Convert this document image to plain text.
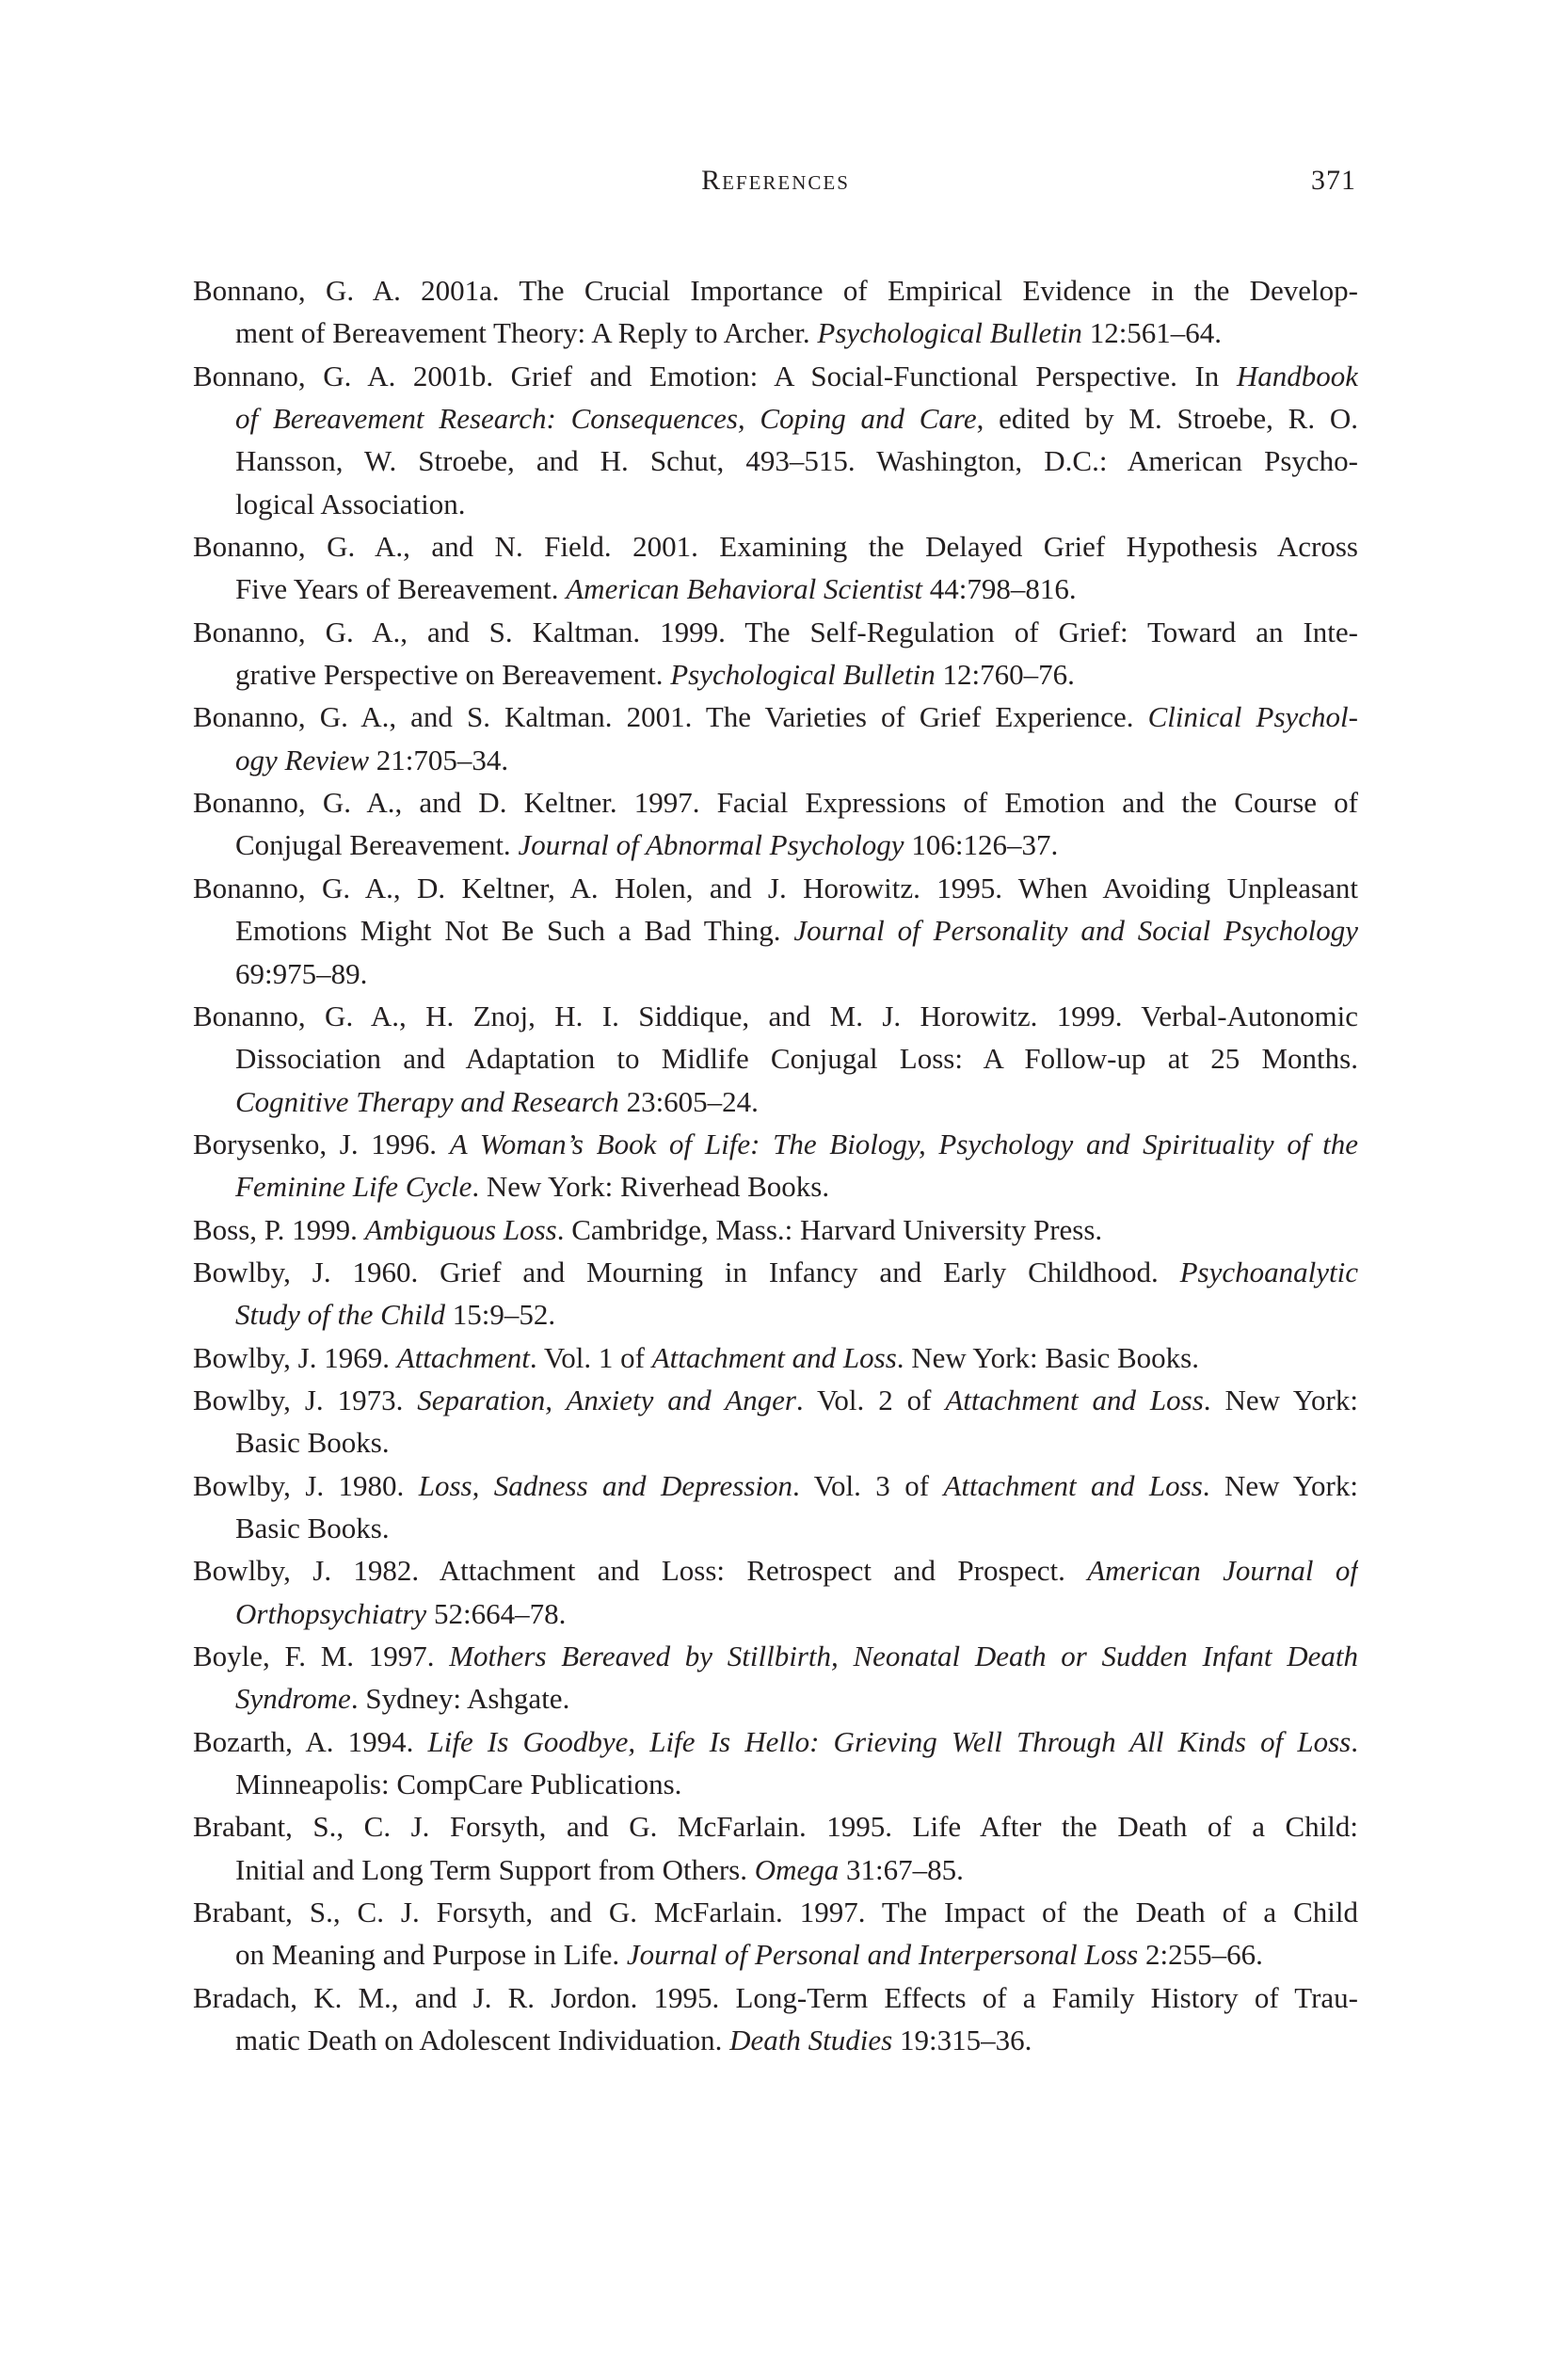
References	371
Bonnano, G. A. 2001a. The Crucial Importance of Empirical Evidence in the Develop-
ment of Bereavement Theory: A Reply to Archer. Psychological Bulletin 12:561–64.
Bonnano, G. A. 2001b. Grief and Emotion: A Social-Functional Perspective. In Handbook
of Bereavement Research: Consequences, Coping and Care, edited by M. Stroebe, R. O.
Hansson, W. Stroebe, and H. Schut, 493–515. Washington, D.C.: American Psycho-
logical Association.
Bonanno, G. A., and N. Field. 2001. Examining the Delayed Grief Hypothesis Across
Five Years of Bereavement. American Behavioral Scientist 44:798–816.
Bonanno, G. A., and S. Kaltman. 1999. The Self-Regulation of Grief: Toward an Inte-
grative Perspective on Bereavement. Psychological Bulletin 12:760–76.
Bonanno, G. A., and S. Kaltman. 2001. The Varieties of Grief Experience. Clinical Psychol-
ogy Review 21:705–34.
Bonanno, G. A., and D. Keltner. 1997. Facial Expressions of Emotion and the Course of
Conjugal Bereavement. Journal of Abnormal Psychology 106:126–37.
Bonanno, G. A., D. Keltner, A. Holen, and J. Horowitz. 1995. When Avoiding Unpleasant
Emotions Might Not Be Such a Bad Thing. Journal of Personality and Social Psychology
69:975–89.
Bonanno, G. A., H. Znoj, H. I. Siddique, and M. J. Horowitz. 1999. Verbal-Autonomic
Dissociation and Adaptation to Midlife Conjugal Loss: A Follow-up at 25 Months.
Cognitive Therapy and Research 23:605–24.
Borysenko, J. 1996. A Woman’s Book of Life: The Biology, Psychology and Spirituality of the
Feminine Life Cycle. New York: Riverhead Books.
Boss, P. 1999. Ambiguous Loss. Cambridge, Mass.: Harvard University Press.
Bowlby, J. 1960. Grief and Mourning in Infancy and Early Childhood. Psychoanalytic
Study of the Child 15:9–52.
Bowlby, J. 1969. Attachment. Vol. 1 of Attachment and Loss. New York: Basic Books.
Bowlby, J. 1973. Separation, Anxiety and Anger. Vol. 2 of Attachment and Loss. New York:
Basic Books.
Bowlby, J. 1980. Loss, Sadness and Depression. Vol. 3 of Attachment and Loss. New York:
Basic Books.
Bowlby, J. 1982. Attachment and Loss: Retrospect and Prospect. American Journal of
Orthopsychiatry 52:664–78.
Boyle, F. M. 1997. Mothers Bereaved by Stillbirth, Neonatal Death or Sudden Infant Death
Syndrome. Sydney: Ashgate.
Bozarth, A. 1994. Life Is Goodbye, Life Is Hello: Grieving Well Through All Kinds of Loss.
Minneapolis: CompCare Publications.
Brabant, S., C. J. Forsyth, and G. McFarlain. 1995. Life After the Death of a Child:
Initial and Long Term Support from Others. Omega 31:67–85.
Brabant, S., C. J. Forsyth, and G. McFarlain. 1997. The Impact of the Death of a Child
on Meaning and Purpose in Life. Journal of Personal and Interpersonal Loss 2:255–66.
Bradach, K. M., and J. R. Jordon. 1995. Long-Term Effects of a Family History of Trau-
matic Death on Adolescent Individuation. Death Studies 19:315–36.
